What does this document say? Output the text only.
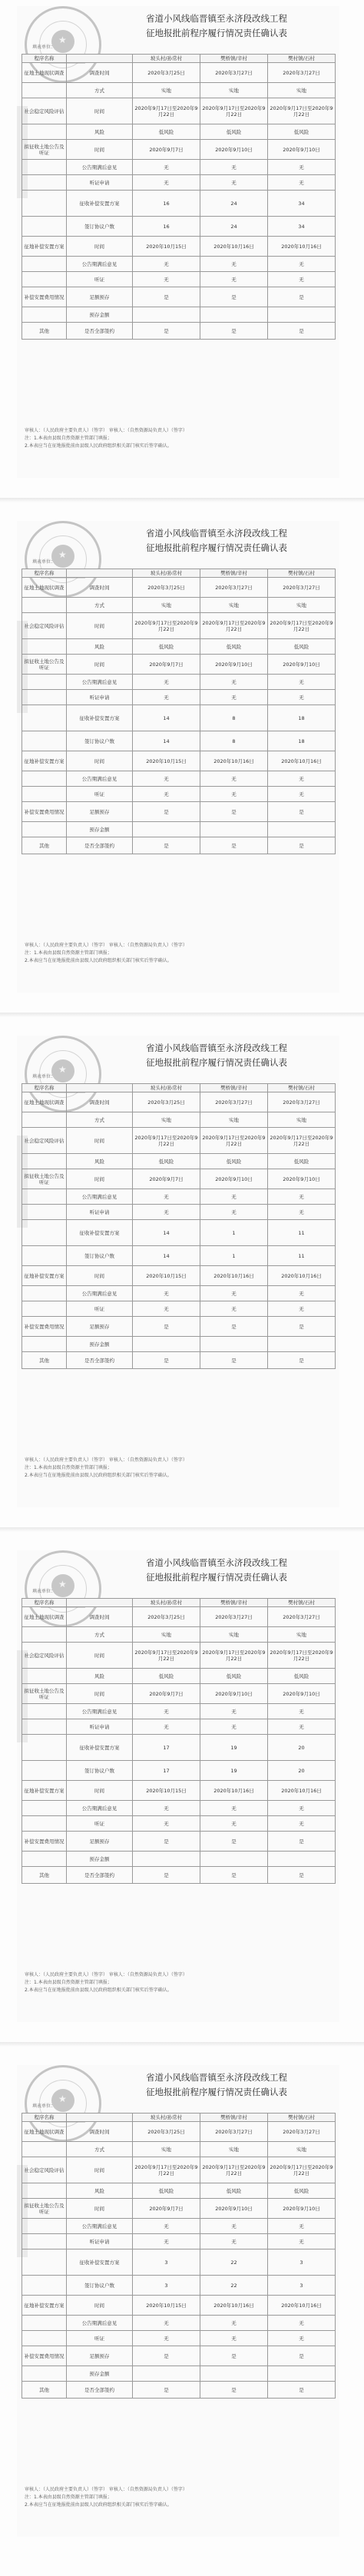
★
省道小风线临晋镇至永济段改线工程
征地报批前程序履行情况责任确认表
填表单位：
程序名称		坡头村/孙常村	樊桥镇/辛村	樊村镇/石村
征地土地现状调查	调查时间	2020年3月25日	2020年3月27日	2020年3月27日
	方式	实地	实地	实地
社会稳定风险评估	时间	2020年9月17日至2020年9月22日	2020年9月17日至2020年9月22日	2020年9月17日至2020年9月22日
	风险	低风险	低风险	低风险
拟征收土地公告及听证	时间	2020年9月7日	2020年9月10日	2020年9月10日
	公告期满后意见	无	无	无
	听证申请	无	无	无
	征收补偿安置方案	16	24	34
	签订协议户数	16	24	34
征地补偿安置方案	时间	2020年10月15日	2020年10月16日	2020年10月16日
	公告期满后意见	无	无	无
	听证	无	无	无
补偿安置费用情况	足额预存	是	是	是
	预存金额			
其他	是否全部签约	是	是	是
审核人：（人民政府主要负责人）（签字） 审核人：（自然资源局负责人）（签字）
注：1.本表由县级自然资源主管部门填报；
2.本表应当在征地报批前由县级人民政府组织相关部门核实后签字确认。
★
省道小风线临晋镇至永济段改线工程
征地报批前程序履行情况责任确认表
填表单位：
程序名称		坡头村/孙常村	樊桥镇/辛村	樊村镇/石村
征地土地现状调查	调查时间	2020年3月25日	2020年3月27日	2020年3月27日
	方式	实地	实地	实地
社会稳定风险评估	时间	2020年9月17日至2020年9月22日	2020年9月17日至2020年9月22日	2020年9月17日至2020年9月22日
	风险	低风险	低风险	低风险
拟征收土地公告及听证	时间	2020年9月7日	2020年9月10日	2020年9月10日
	公告期满后意见	无	无	无
	听证申请	无	无	无
	征收补偿安置方案	14	8	18
	签订协议户数	14	8	18
征地补偿安置方案	时间	2020年10月15日	2020年10月16日	2020年10月16日
	公告期满后意见	无	无	无
	听证	无	无	无
补偿安置费用情况	足额预存	是	是	是
	预存金额			
其他	是否全部签约	是	是	是
审核人：（人民政府主要负责人）（签字） 审核人：（自然资源局负责人）（签字）
注：1.本表由县级自然资源主管部门填报；
2.本表应当在征地报批前由县级人民政府组织相关部门核实后签字确认。
★
省道小风线临晋镇至永济段改线工程
征地报批前程序履行情况责任确认表
填表单位：
程序名称		坡头村/孙常村	樊桥镇/辛村	樊村镇/石村
征地土地现状调查	调查时间	2020年3月25日	2020年3月27日	2020年3月27日
	方式	实地	实地	实地
社会稳定风险评估	时间	2020年9月17日至2020年9月22日	2020年9月17日至2020年9月22日	2020年9月17日至2020年9月22日
	风险	低风险	低风险	低风险
拟征收土地公告及听证	时间	2020年9月7日	2020年9月10日	2020年9月10日
	公告期满后意见	无	无	无
	听证申请	无	无	无
	征收补偿安置方案	14	1	11
	签订协议户数	14	1	11
征地补偿安置方案	时间	2020年10月15日	2020年10月16日	2020年10月16日
	公告期满后意见	无	无	无
	听证	无	无	无
补偿安置费用情况	足额预存	是	是	是
	预存金额			
其他	是否全部签约	是	是	是
审核人：（人民政府主要负责人）（签字） 审核人：（自然资源局负责人）（签字）
注：1.本表由县级自然资源主管部门填报；
2.本表应当在征地报批前由县级人民政府组织相关部门核实后签字确认。
★
省道小风线临晋镇至永济段改线工程
征地报批前程序履行情况责任确认表
填表单位：
程序名称		坡头村/孙常村	樊桥镇/辛村	樊村镇/石村
征地土地现状调查	调查时间	2020年3月25日	2020年3月27日	2020年3月27日
	方式	实地	实地	实地
社会稳定风险评估	时间	2020年9月17日至2020年9月22日	2020年9月17日至2020年9月22日	2020年9月17日至2020年9月22日
	风险	低风险	低风险	低风险
拟征收土地公告及听证	时间	2020年9月7日	2020年9月10日	2020年9月10日
	公告期满后意见	无	无	无
	听证申请	无	无	无
	征收补偿安置方案	17	19	20
	签订协议户数	17	19	20
征地补偿安置方案	时间	2020年10月15日	2020年10月16日	2020年10月16日
	公告期满后意见	无	无	无
	听证	无	无	无
补偿安置费用情况	足额预存	是	是	是
	预存金额			
其他	是否全部签约	是	是	是
审核人：（人民政府主要负责人）（签字） 审核人：（自然资源局负责人）（签字）
注：1.本表由县级自然资源主管部门填报；
2.本表应当在征地报批前由县级人民政府组织相关部门核实后签字确认。
★
省道小风线临晋镇至永济段改线工程
征地报批前程序履行情况责任确认表
填表单位：
程序名称		坡头村/孙常村	樊桥镇/辛村	樊村镇/石村
征地土地现状调查	调查时间	2020年3月25日	2020年3月27日	2020年3月27日
	方式	实地	实地	实地
社会稳定风险评估	时间	2020年9月17日至2020年9月22日	2020年9月17日至2020年9月22日	2020年9月17日至2020年9月22日
	风险	低风险	低风险	低风险
拟征收土地公告及听证	时间	2020年9月7日	2020年9月10日	2020年9月10日
	公告期满后意见	无	无	无
	听证申请	无	无	无
	征收补偿安置方案	3	22	3
	签订协议户数	3	22	3
征地补偿安置方案	时间	2020年10月15日	2020年10月16日	2020年10月16日
	公告期满后意见	无	无	无
	听证	无	无	无
补偿安置费用情况	足额预存	是	是	是
	预存金额			
其他	是否全部签约	是	是	是
审核人：（人民政府主要负责人）（签字） 审核人：（自然资源局负责人）（签字）
注：1.本表由县级自然资源主管部门填报；
2.本表应当在征地报批前由县级人民政府组织相关部门核实后签字确认。
